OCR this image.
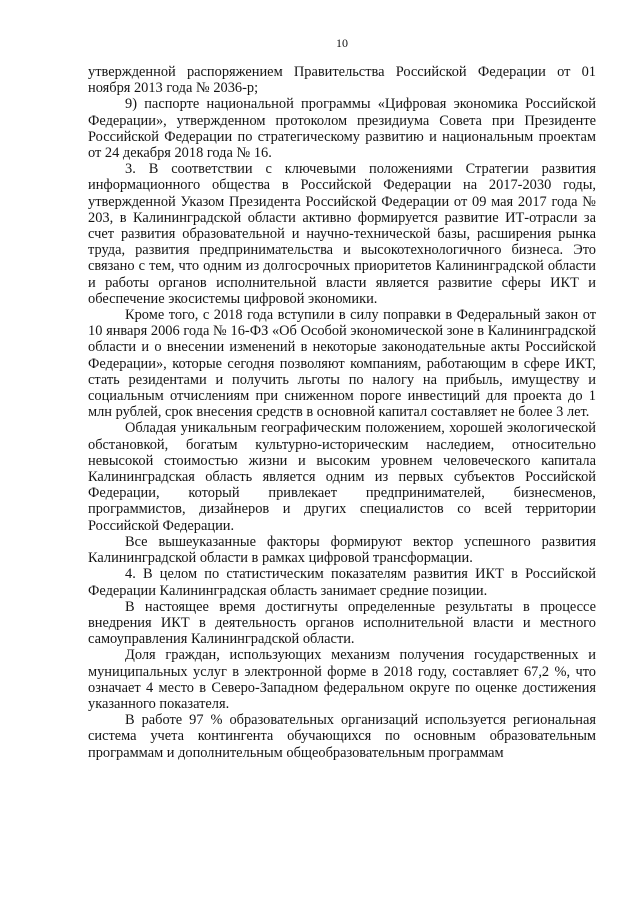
10

утвержденной распоряжением Правительства Российской Федерации от 01 ноября 2013 года № 2036-р;

9) паспорте национальной программы «Цифровая экономика Российской Федерации», утвержденном протоколом президиума Совета при Президенте Российской Федерации по стратегическому развитию и национальным проектам от 24 декабря 2018 года № 16.

3. В соответствии с ключевыми положениями Стратегии развития информационного общества в Российской Федерации на 2017-2030 годы, утвержденной Указом Президента Российской Федерации от 09 мая 2017 года № 203, в Калининградской области активно формируется развитие ИТ-отрасли за счет развития образовательной и научно-технической базы, расширения рынка труда, развития предпринимательства и высокотехнологичного бизнеса. Это связано с тем, что одним из долгосрочных приоритетов Калининградской области и работы органов исполнительной власти является развитие сферы ИКТ и обеспечение экосистемы цифровой экономики.

Кроме того, с 2018 года вступили в силу поправки в Федеральный закон от 10 января 2006 года № 16-ФЗ «Об Особой экономической зоне в Калининградской области и о внесении изменений в некоторые законодательные акты Российской Федерации», которые сегодня позволяют компаниям, работающим в сфере ИКТ, стать резидентами и получить льготы по налогу на прибыль, имуществу и социальным отчислениям при сниженном пороге инвестиций для проекта до 1 млн рублей, срок внесения средств в основной капитал составляет не более 3 лет.

Обладая уникальным географическим положением, хорошей экологической обстановкой, богатым культурно-историческим наследием, относительно невысокой стоимостью жизни и высоким уровнем человеческого капитала Калининградская область является одним из первых субъектов Российской Федерации, который привлекает предпринимателей, бизнесменов, программистов, дизайнеров и других специалистов со всей территории Российской Федерации.

Все вышеуказанные факторы формируют вектор успешного развития Калининградской области в рамках цифровой трансформации.

4. В целом по статистическим показателям развития ИКТ в Российской Федерации Калининградская область занимает средние позиции.

В настоящее время достигнуты определенные результаты в процессе внедрения ИКТ в деятельность органов исполнительной власти и местного самоуправления Калининградской области.

Доля граждан, использующих механизм получения государственных и муниципальных услуг в электронной форме в 2018 году, составляет 67,2 %, что означает 4 место в Северо-Западном федеральном округе по оценке достижения указанного показателя.

В работе 97 % образовательных организаций используется региональная система учета контингента обучающихся по основным образовательным программам и дополнительным общеобразовательным программам
